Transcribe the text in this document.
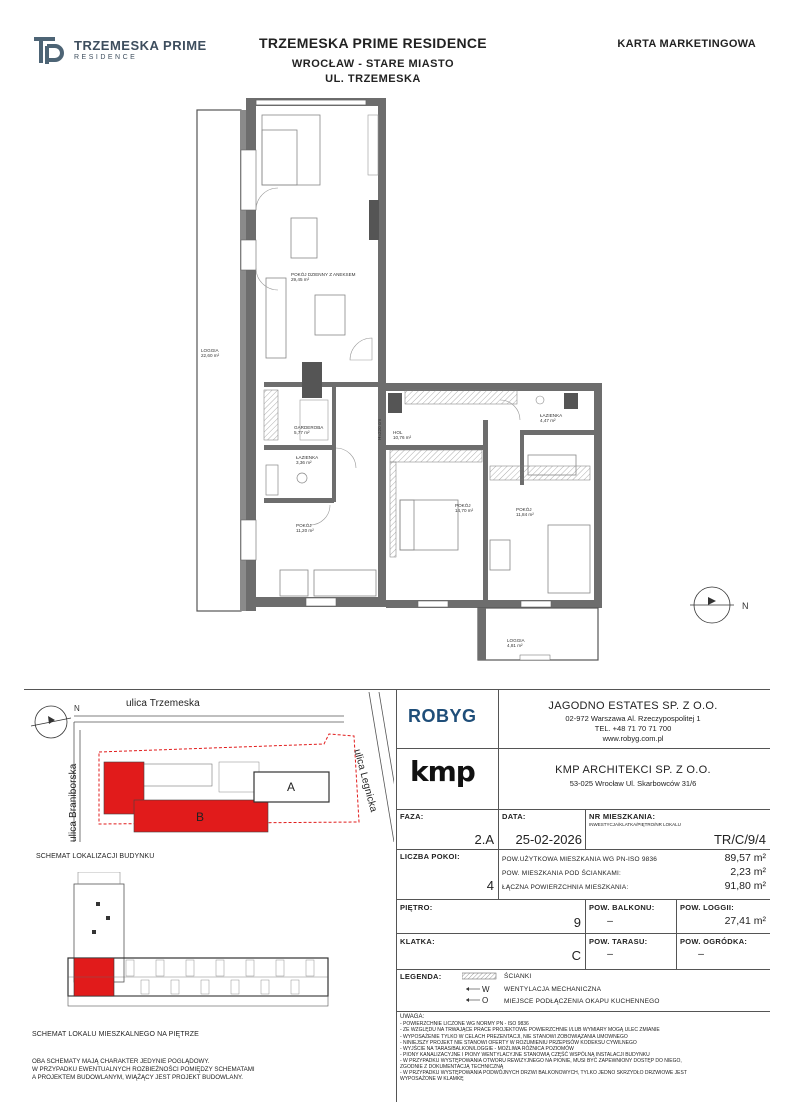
TRZEMESKA PRIME
RESIDENCE
TRZEMESKA PRIME RESIDENCE
WROCŁAW - STARE MIASTO
UL. TRZEMESKA
KARTA MARKETINGOWA
N
LOGGIA
22,60 m²
POKÓJ DZIENNY Z ANEKSEM
29,45 m²
GARDEROBA
5,77 m²
ŁAZIENKA
3,36 m²
POKÓJ
11,20 m²
HOL
10,76 m²
ŁAZIENKA
4,47 m²
POKÓJ
14,70 m²	POKÓJ
11,84 m²
LOGGIA
4,81 m²
H=220 cm
N	ulica Trzemeska
ulica Braniborska	ulica Legnicka
B
A
SCHEMAT LOKALIZACJI BUDYNKU
SCHEMAT LOKALU MIESZKALNEGO NA PIĘTRZE
OBA SCHEMATY MAJĄ CHARAKTER JEDYNIE POGLĄDOWY.
W PRZYPADKU EWENTUALNYCH ROZBIEŻNOŚCI POMIĘDZY SCHEMATAMI
A PROJEKTEM BUDOWLANYM, WIĄŻĄCY JEST PROJEKT BUDOWLANY.
ROBYG	JAGODNO ESTATES SP. Z O.O.
02-972 Warszawa Al. Rzeczypospolitej 1
TEL. +48 71 70 71 700
www.robyg.com.pl
kmp	KMP ARCHITEKCI SP. Z O.O.
53-025 Wrocław Ul. Skarbowców 31/6
FAZA:
2.A
DATA:
25-02-2026
NR MIESZKANIA:
INWESTYCJA/KLATKA/PIĘTRO/NR LOKALU
TR/C/9/4
LICZBA POKOI:
4
POW.UŻYTKOWA MIESZKANIA WG PN-ISO 9836	89,57 m²
POW. MIESZKANIA POD ŚCIANKAMI:	2,23 m²
ŁĄCZNA POWIERZCHNIA MIESZKANIA:	91,80 m²
PIĘTRO:
9
POW. BALKONU:
–
POW. LOGGII:
27,41 m²
KLATKA:
C
POW. TARASU:
–
POW. OGRÓDKA:
–
LEGENDA:	ŚCIANKI
W WENTYLACJA MECHANICZNA
O MIEJSCE PODŁĄCZENIA OKAPU KUCHENNEGO
UWAGA:
- POWIERZCHNIE LICZONE WG NORMY PN - ISO 9836
- ZE WZGLĘDU NA TRWAJĄCE PRACE PROJEKTOWE POWIERZCHNIE I/LUB WYMIARY MOGĄ ULEC ZMIANIE
- WYPOSAŻENIE TYLKO W CELACH PREZENTACJI, NIE STANOWI ZOBOWIĄZANIA UMOWNEGO
- NINIEJSZY PROJEKT NIE STANOWI OFERTY W ROZUMIENIU PRZEPISÓW KODEKSU CYWILNEGO
- WYJŚCIE NA TARAS/BALKON/LOGGIE - MOŻLIWA RÓŻNICA POZIOMÓW
- PIONY KANALIZACYJNE I PIONY WENTYLACYJNE STANOWIĄ CZĘŚĆ WSPÓLNĄ INSTALACJI BUDYNKU
- W PRZYPADKU WYSTĘPOWANIA OTWORU REWIZYJNEGO NA PIONIE, MUSI BYĆ ZAPEWNIONY DOSTĘP DO NIEGO,
ZGODNIE Z DOKUMENTACJĄ TECHNICZNĄ
- W PRZYPADKU WYSTĘPOWANIA PODWÓJNYCH DRZWI BALKONOWYCH, TYLKO JEDNO SKRZYDŁO DRZWIOWE JEST
WYPOSAŻONE W KLAMKĘ
